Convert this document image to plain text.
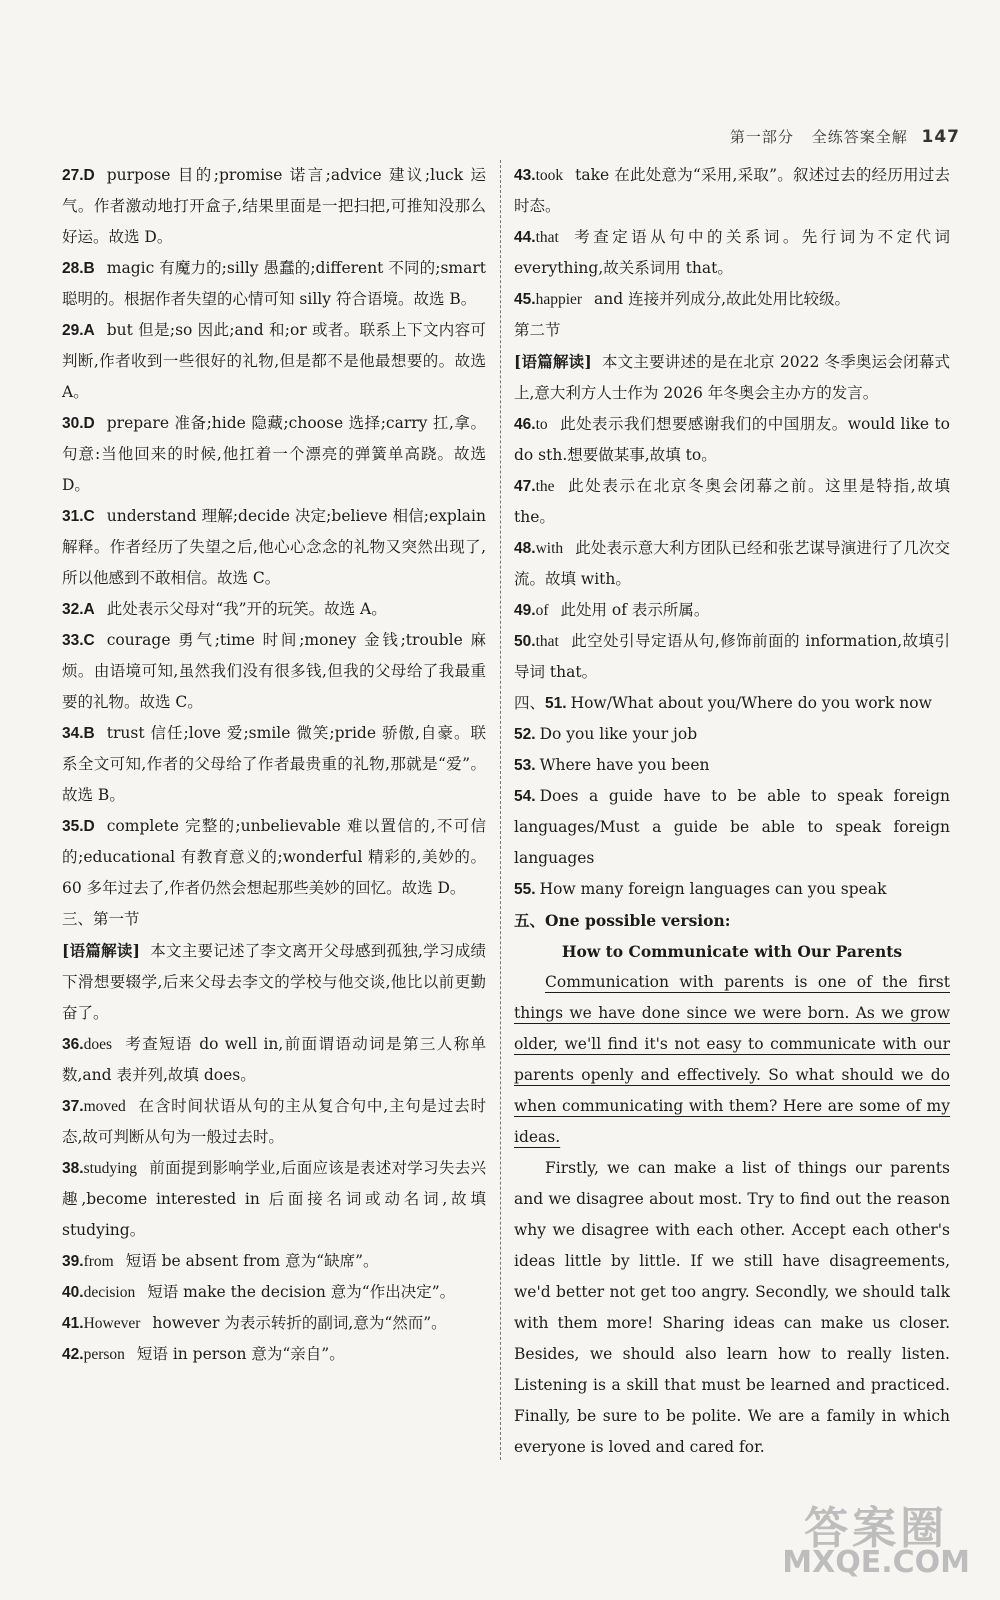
第一部分 全练答案全解 147

27.D purpose 目的;promise 诺言;advice 建议;luck 运气。作者激动地打开盒子,结果里面是一把扫把,可推知没那么好运。故选 D。

28.B magic 有魔力的;silly 愚蠢的;different 不同的;smart 聪明的。根据作者失望的心情可知 silly 符合语境。故选 B。

29.A but 但是;so 因此;and 和;or 或者。联系上下文内容可判断,作者收到一些很好的礼物,但是都不是他最想要的。故选 A。

30.D prepare 准备;hide 隐藏;choose 选择;carry 扛,拿。句意:当他回来的时候,他扛着一个漂亮的弹簧单高跷。故选 D。

31.C understand 理解;decide 决定;believe 相信;explain 解释。作者经历了失望之后,他心心念念的礼物又突然出现了,所以他感到不敢相信。故选 C。

32.A 此处表示父母对“我”开的玩笑。故选 A。

33.C courage 勇气;time 时间;money 金钱;trouble 麻烦。由语境可知,虽然我们没有很多钱,但我的父母给了我最重要的礼物。故选 C。

34.B trust 信任;love 爱;smile 微笑;pride 骄傲,自豪。联系全文可知,作者的父母给了作者最贵重的礼物,那就是“爱”。故选 B。

35.D complete 完整的;unbelievable 难以置信的,不可信的;educational 有教育意义的;wonderful 精彩的,美妙的。60 多年过去了,作者仍然会想起那些美妙的回忆。故选 D。

三、第一节

[语篇解读] 本文主要记述了李文离开父母感到孤独,学习成绩下滑想要辍学,后来父母去李文的学校与他交谈,他比以前更勤奋了。

36.does 考查短语 do well in,前面谓语动词是第三人称单数,and 表并列,故填 does。

37.moved 在含时间状语从句的主从复合句中,主句是过去时态,故可判断从句为一般过去时。

38.studying 前面提到影响学业,后面应该是表述对学习失去兴趣,become interested in 后面接名词或动名词,故填 studying。

39.from 短语 be absent from 意为“缺席”。

40.decision 短语 make the decision 意为“作出决定”。

41.However however 为表示转折的副词,意为“然而”。

42.person 短语 in person 意为“亲自”。

43.took take 在此处意为“采用,采取”。叙述过去的经历用过去时态。

44.that 考查定语从句中的关系词。先行词为不定代词 everything,故关系词用 that。

45.happier and 连接并列成分,故此处用比较级。

第二节

[语篇解读] 本文主要讲述的是在北京 2022 冬季奥运会闭幕式上,意大利方人士作为 2026 年冬奥会主办方的发言。

46.to 此处表示我们想要感谢我们的中国朋友。would like to do sth.想要做某事,故填 to。

47.the 此处表示在北京冬奥会闭幕之前。这里是特指,故填 the。

48.with 此处表示意大利方团队已经和张艺谋导演进行了几次交流。故填 with。

49.of 此处用 of 表示所属。

50.that 此空处引导定语从句,修饰前面的 information,故填引导词 that。

四、51. How/What about you/Where do you work now

52. Do you like your job

53. Where have you been

54. Does a guide have to be able to speak foreign languages/Must a guide be able to speak foreign languages

55. How many foreign languages can you speak

五、One possible version:

How to Communicate with Our Parents

Communication with parents is one of the first things we have done since we were born. As we grow older, we'll find it's not easy to communicate with our parents openly and effectively. So what should we do when communicating with them? Here are some of my ideas.

Firstly, we can make a list of things our parents and we disagree about most. Try to find out the reason why we disagree with each other. Accept each other's ideas little by little. If we still have disagreements, we'd better not get too angry. Secondly, we should talk with them more! Sharing ideas can make us closer. Besides, we should also learn how to really listen. Listening is a skill that must be learned and practiced. Finally, be sure to be polite. We are a family in which everyone is loved and cared for.

答案圈
MXQE.COM
